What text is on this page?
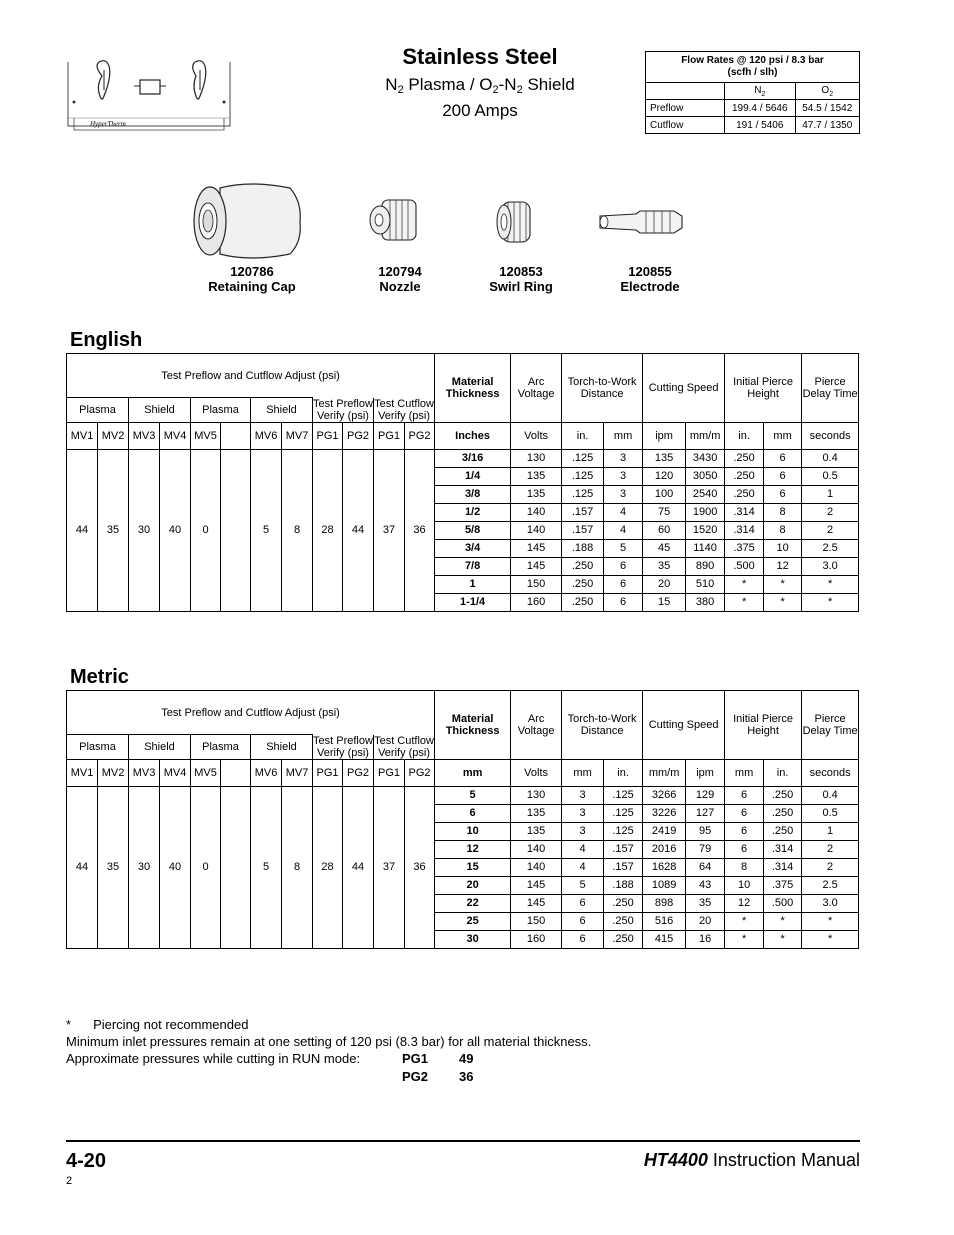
HyperTherm
Stainless Steel
$N_2$ Plasma / $O_2-N_2$ Shield
200 Amps
Flow Rates @ 120 psi / 8.3 bar
(scfh / slh)		
	$N_2$	$O_2$
Preflow	199.4 / 5646	54.5 / 1542
Cutflow	191 / 5406	47.7 / 1350
120786
Retaining Cap
120794
Nozzle
120853
Swirl Ring
120855
Electrode
English
Test Preflow and Cutflow Adjust (psi)												Material Thickness	Arc Voltage	Torch-to-Work Distance		Cutting Speed		Initial Pierce Height		Pierce Delay Time
Plasma		Shield		Plasma		Shield		Test Preflow Verify (psi)		Test Cutflow Verify (psi)										
MV1	MV2	MV3	MV4	MV5		MV6	MV7	PG1	PG2	PG1	PG2	Inches	Volts	in.	mm	ipm	mm/m	in.	mm	seconds
44	35	30	40	0		5	8	28	44	37	36	3/16	130	.125	3	135	3430	.250	6	0.4
												1/4	135	.125	3	120	3050	.250	6	0.5
												3/8	135	.125	3	100	2540	.250	6	1
												1/2	140	.157	4	75	1900	.314	8	2
												5/8	140	.157	4	60	1520	.314	8	2
												3/4	145	.188	5	45	1140	.375	10	2.5
												7/8	145	.250	6	35	890	.500	12	3.0
												1	150	.250	6	20	510	*	*	*
												1-1/4	160	.250	6	15	380	*	*	*
Metric
Test Preflow and Cutflow Adjust (psi)												Material Thickness	Arc Voltage	Torch-to-Work Distance		Cutting Speed		Initial Pierce Height		Pierce Delay Time
Plasma		Shield		Plasma		Shield		Test Preflow Verify (psi)		Test Cutflow Verify (psi)										
MV1	MV2	MV3	MV4	MV5		MV6	MV7	PG1	PG2	PG1	PG2	mm	Volts	mm	in.	mm/m	ipm	mm	in.	seconds
44	35	30	40	0		5	8	28	44	37	36	5	130	3	.125	3266	129	6	.250	0.4
												6	135	3	.125	3226	127	6	.250	0.5
												10	135	3	.125	2419	95	6	.250	1
												12	140	4	.157	2016	79	6	.314	2
												15	140	4	.157	1628	64	8	.314	2
												20	145	5	.188	1089	43	10	.375	2.5
												22	145	6	.250	898	35	12	.500	3.0
												25	150	6	.250	516	20	*	*	*
												30	160	6	.250	415	16	*	*	*
* Piercing not recommended
Minimum inlet pressures remain at one setting of 120 psi (8.3 bar) for all material thickness.
Approximate pressures while cutting in RUN mode:	PG1 49
PG2 36
4-20	HT4400 Instruction Manual
2
